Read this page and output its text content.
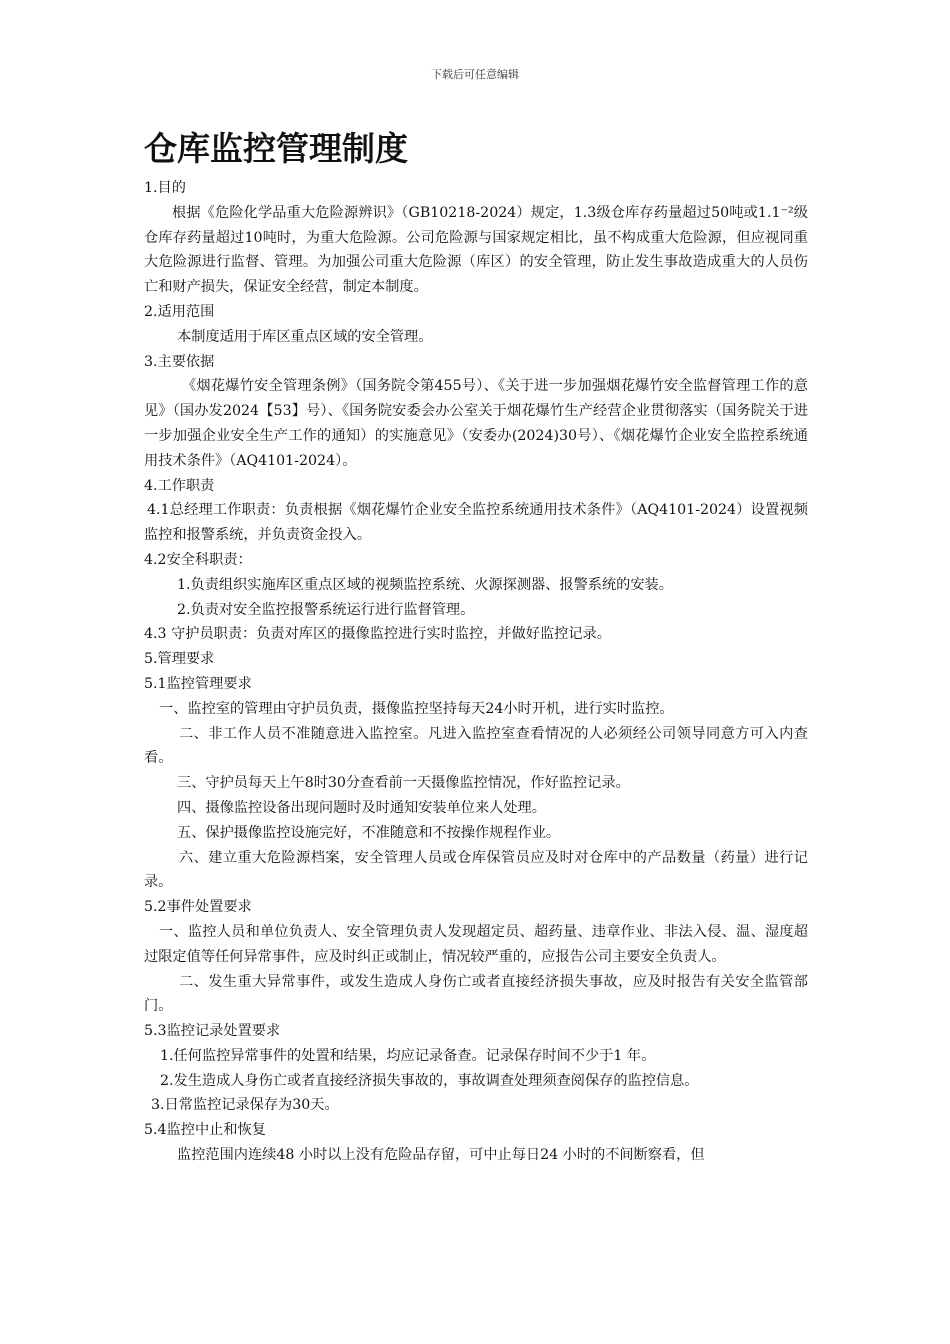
下载后可任意编辑
仓库监控管理制度

1.目的

根据《危险化学品重大危险源辨识》（GB10218-2024）规定，1.3级仓库存药量超过50吨或1.1⁻²级仓库存药量超过10吨时，为重大危险源。公司危险源与国家规定相比，虽不构成重大危险源，但应视同重大危险源进行监督、管理。为加强公司重大危险源（库区）的安全管理，防止发生事故造成重大的人员伤亡和财产损失，保证安全经营，制定本制度。

2.适用范围

本制度适用于库区重点区域的安全管理。

3.主要依据

《烟花爆竹安全管理条例》（国务院令第455号）、《关于进一步加强烟花爆竹安全监督管理工作的意见》（国办发2024【53】号）、《国务院安委会办公室关于烟花爆竹生产经营企业贯彻落实（国务院关于进一步加强企业安全生产工作的通知）的实施意见》（安委办(2024)30号）、《烟花爆竹企业安全监控系统通用技术条件》（AQ4101-2024）。

4.工作职责

4.1总经理工作职责：负责根据《烟花爆竹企业安全监控系统通用技术条件》（AQ4101-2024）设置视频监控和报警系统，并负责资金投入。

4.2安全科职责：

1.负责组织实施库区重点区域的视频监控系统、火源探测器、报警系统的安装。

2.负责对安全监控报警系统运行进行监督管理。

4.3 守护员职责：负责对库区的摄像监控进行实时监控，并做好监控记录。

5.管理要求

5.1监控管理要求

一、监控室的管理由守护员负责，摄像监控坚持每天24小时开机，进行实时监控。

二、非工作人员不准随意进入监控室。凡进入监控室查看情况的人必须经公司领导同意方可入内查看。

三、守护员每天上午8时30分查看前一天摄像监控情况，作好监控记录。

四、摄像监控设备出现问题时及时通知安装单位来人处理。

五、保护摄像监控设施完好，不准随意和不按操作规程作业。

六、建立重大危险源档案，安全管理人员或仓库保管员应及时对仓库中的产品数量（药量）进行记录。

5.2事件处置要求

一、监控人员和单位负责人、安全管理负责人发现超定员、超药量、违章作业、非法入侵、温、湿度超过限定值等任何异常事件，应及时纠正或制止，情况较严重的，应报告公司主要安全负责人。

二、发生重大异常事件，或发生造成人身伤亡或者直接经济损失事故，应及时报告有关安全监管部门。

5.3监控记录处置要求

1.任何监控异常事件的处置和结果，均应记录备查。记录保存时间不少于1 年。

2.发生造成人身伤亡或者直接经济损失事故的，事故调查处理须查阅保存的监控信息。

3.日常监控记录保存为30天。

5.4监控中止和恢复

监控范围内连续48 小时以上没有危险品存留，可中止每日24 小时的不间断察看，但
